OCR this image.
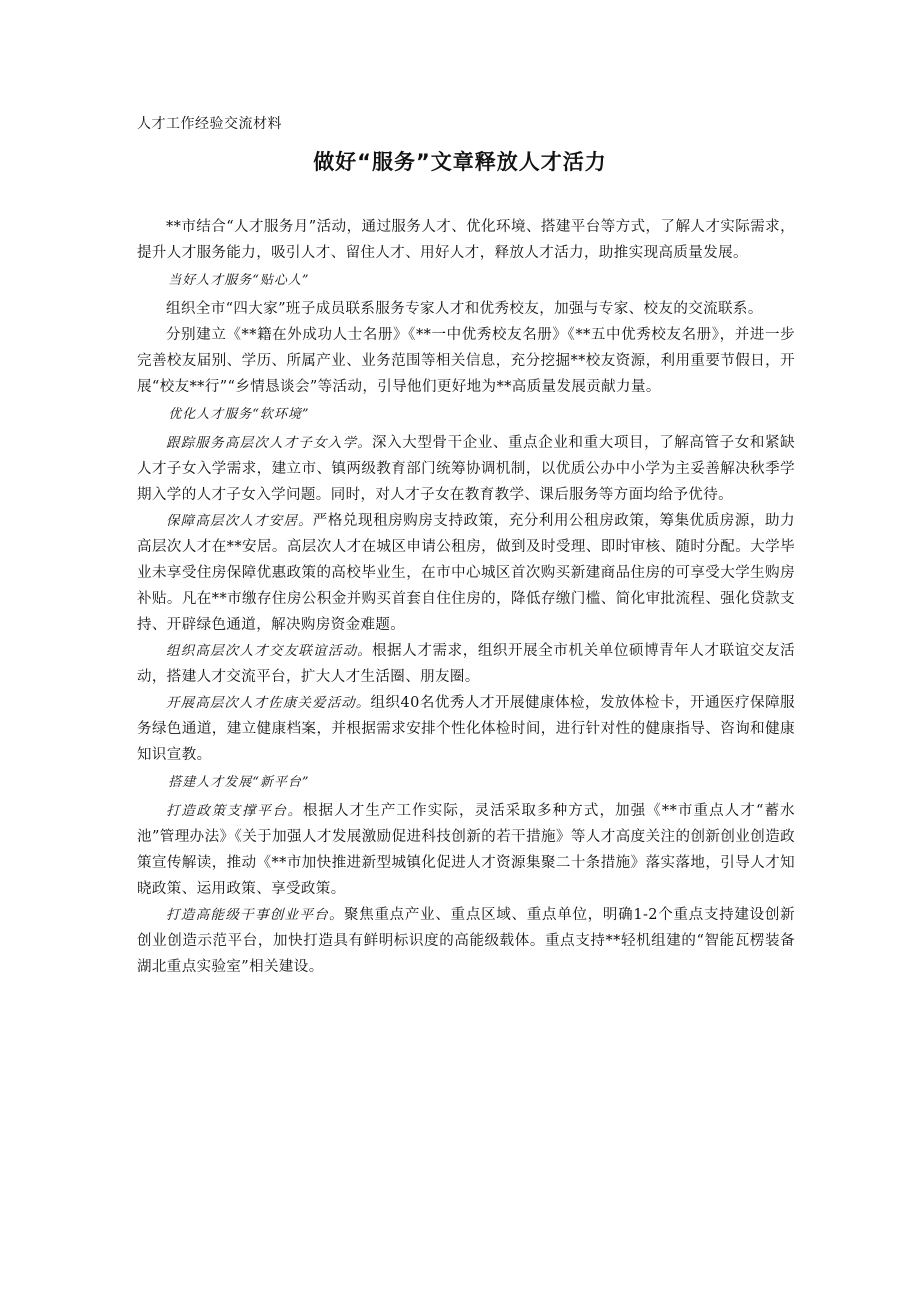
人才工作经验交流材料
做好“服务”文章释放人才活力

**市结合“人才服务月”活动，通过服务人才、优化环境、搭建平台等方式，了解人才实际需求，提升人才服务能力，吸引人才、留住人才、用好人才，释放人才活力，助推实现高质量发展。

当好人才服务“贴心人”

组织全市“四大家”班子成员联系服务专家人才和优秀校友，加强与专家、校友的交流联系。

分别建立《**籍在外成功人士名册》《**一中优秀校友名册》《**五中优秀校友名册》，并进一步完善校友届别、学历、所属产业、业务范围等相关信息，充分挖掘**校友资源，利用重要节假日，开展“校友**行”“乡情恳谈会”等活动，引导他们更好地为**高质量发展贡献力量。

优化人才服务“软环境”

跟踪服务高层次人才子女入学。深入大型骨干企业、重点企业和重大项目，了解高管子女和紧缺人才子女入学需求，建立市、镇两级教育部门统筹协调机制，以优质公办中小学为主妥善解决秋季学期入学的人才子女入学问题。同时，对人才子女在教育教学、课后服务等方面均给予优待。

保障高层次人才安居。严格兑现租房购房支持政策，充分利用公租房政策，筹集优质房源，助力高层次人才在**安居。高层次人才在城区申请公租房，做到及时受理、即时审核、随时分配。大学毕业未享受住房保障优惠政策的高校毕业生，在市中心城区首次购买新建商品住房的可享受大学生购房补贴。凡在**市缴存住房公积金并购买首套自住住房的，降低存缴门槛、简化审批流程、强化贷款支持、开辟绿色通道，解决购房资金难题。

组织高层次人才交友联谊活动。根据人才需求，组织开展全市机关单位硕博青年人才联谊交友活动，搭建人才交流平台，扩大人才生活圈、朋友圈。

开展高层次人才佐康关爱活动。组织40名优秀人才开展健康体检，发放体检卡，开通医疗保障服务绿色通道，建立健康档案，并根据需求安排个性化体检时间，进行针对性的健康指导、咨询和健康知识宣教。

搭建人才发展“新平台”

打造政策支撑平台。根据人才生产工作实际，灵活采取多种方式，加强《**市重点人才“蓄水池”管理办法》《关于加强人才发展激励促进科技创新的若干措施》等人才高度关注的创新创业创造政策宣传解读，推动《**市加快推进新型城镇化促进人才资源集聚二十条措施》落实落地，引导人才知晓政策、运用政策、享受政策。

打造高能级干事创业平台。聚焦重点产业、重点区域、重点单位，明确1-2个重点支持建设创新创业创造示范平台，加快打造具有鲜明标识度的高能级载体。重点支持**轻机组建的“智能瓦楞装备湖北重点实验室”相关建设。
